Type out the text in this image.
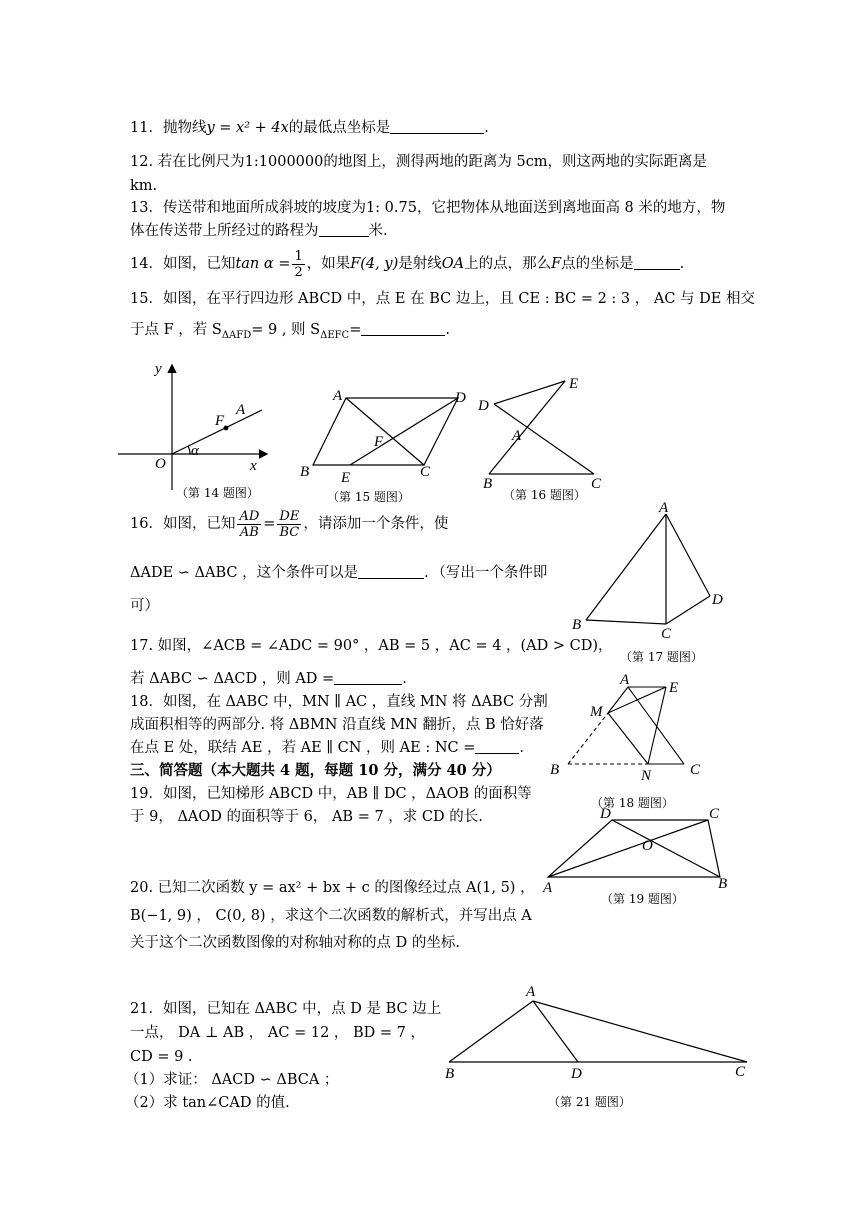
11．抛物线y = x² + 4x的最低点坐标是	.
12. 若在比例尺为1:1000000的地图上，测得两地的距离为 5cm，则这两地的实际距离是
km.
13．传送带和地面所成斜坡的坡度为1: 0.75，它把物体从地面送到离地面高 8 米的地方，物
体在传送带上所经过的路程为	米.
14．如图，已知$\tan \alpha = \frac{1}{2}$ ，如果F(4, y)是射线OA上的点，那么F点的坐标是	.
15．如图，在平行四边形 ABCD 中，点 E 在 BC 边上，且 CE : BC = 2 : 3 ， AC 与 DE 相交
于点 F ，若 $S_{\Delta AFD}= 9$ , 则 $S_{\Delta EFC}=$	.
y
x
O
F
A
α
A	D
F
B E	C
E
D
A
B	C
A
B
C
D
A	E
M
B	N	C
D	C
O
A	B
A
B	D	C
（第 14 题图）	（第 15 题图）	（第 16 题图）
（第 17 题图）
（第 18 题图）
（第 19 题图）
（第 21 题图）
16．如图，已知 $\frac{AD}{AB} = \frac{DE}{BC}$ ，请添加一个条件，使
ΔADE ∽ ΔABC ，这个条件可以是	．（写出一个条件即
可）
17. 如图，∠ACB = ∠ADC = 90° ，AB = 5 ，AC = 4 ，(AD > CD)，
若 ΔABC ∽ ΔACD ，则 AD =	.
18．如图，在 ΔABC 中，MN ∥ AC ，直线 MN 将 ΔABC 分割
成面积相等的两部分. 将 ΔBMN 沿直线 MN 翻折，点 B 恰好落
在点 E 处，联结 AE ，若 AE ∥ CN ，则 AE : NC =	.
三、简答题（本大题共 4 题，每题 10 分，满分 40 分）
19．如图，已知梯形 ABCD 中，AB ∥ DC ，ΔAOB 的面积等
于 9， ΔAOD 的面积等于 6， AB = 7 ，求 CD 的长.
20. 已知二次函数 y = ax² + bx + c 的图像经过点 A(1, 5) ，
B(−1, 9) ， C(0, 8) ，求这个二次函数的解析式，并写出点 A
关于这个二次函数图像的对称轴对称的点 D 的坐标.
21．如图，已知在 ΔABC 中，点 D 是 BC 边上
一点， DA ⊥ AB ， AC = 12 ， BD = 7 ，
CD = 9 .
（1）求证： ΔACD ∽ ΔBCA ；
（2）求 tan∠CAD 的值.
